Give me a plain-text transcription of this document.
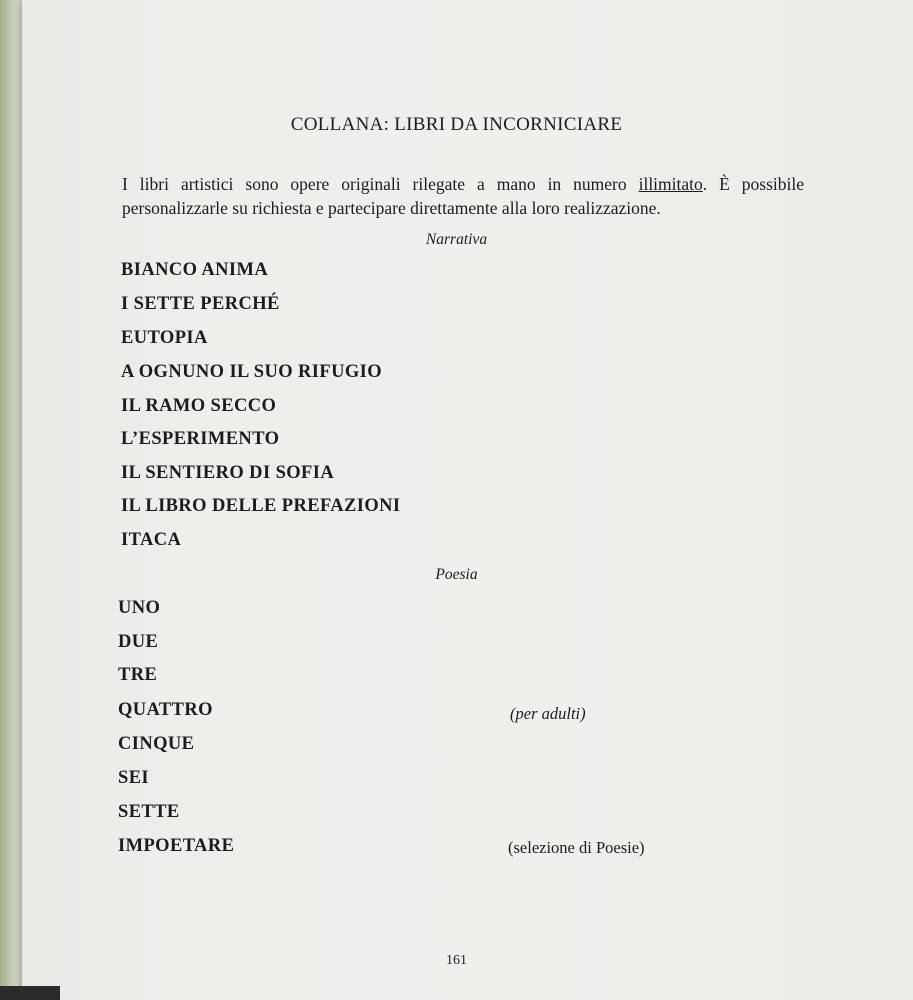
COLLANA: LIBRI DA INCORNICIARE
I libri artistici sono opere originali rilegate a mano in numero illimitato. È possibile personalizzarle su richiesta e partecipare direttamente alla loro realizzazione.
Narrativa
BIANCO ANIMA
I SETTE PERCHÉ
EUTOPIA
A OGNUNO IL SUO RIFUGIO
IL RAMO SECCO
L’ESPERIMENTO
IL SENTIERO DI SOFIA
IL LIBRO DELLE PREFAZIONI
ITACA
Poesia
UNO
DUE
TRE
QUATTRO
CINQUE
SEI
SETTE
IMPOETARE
(per adulti)
(selezione di Poesie)
161
